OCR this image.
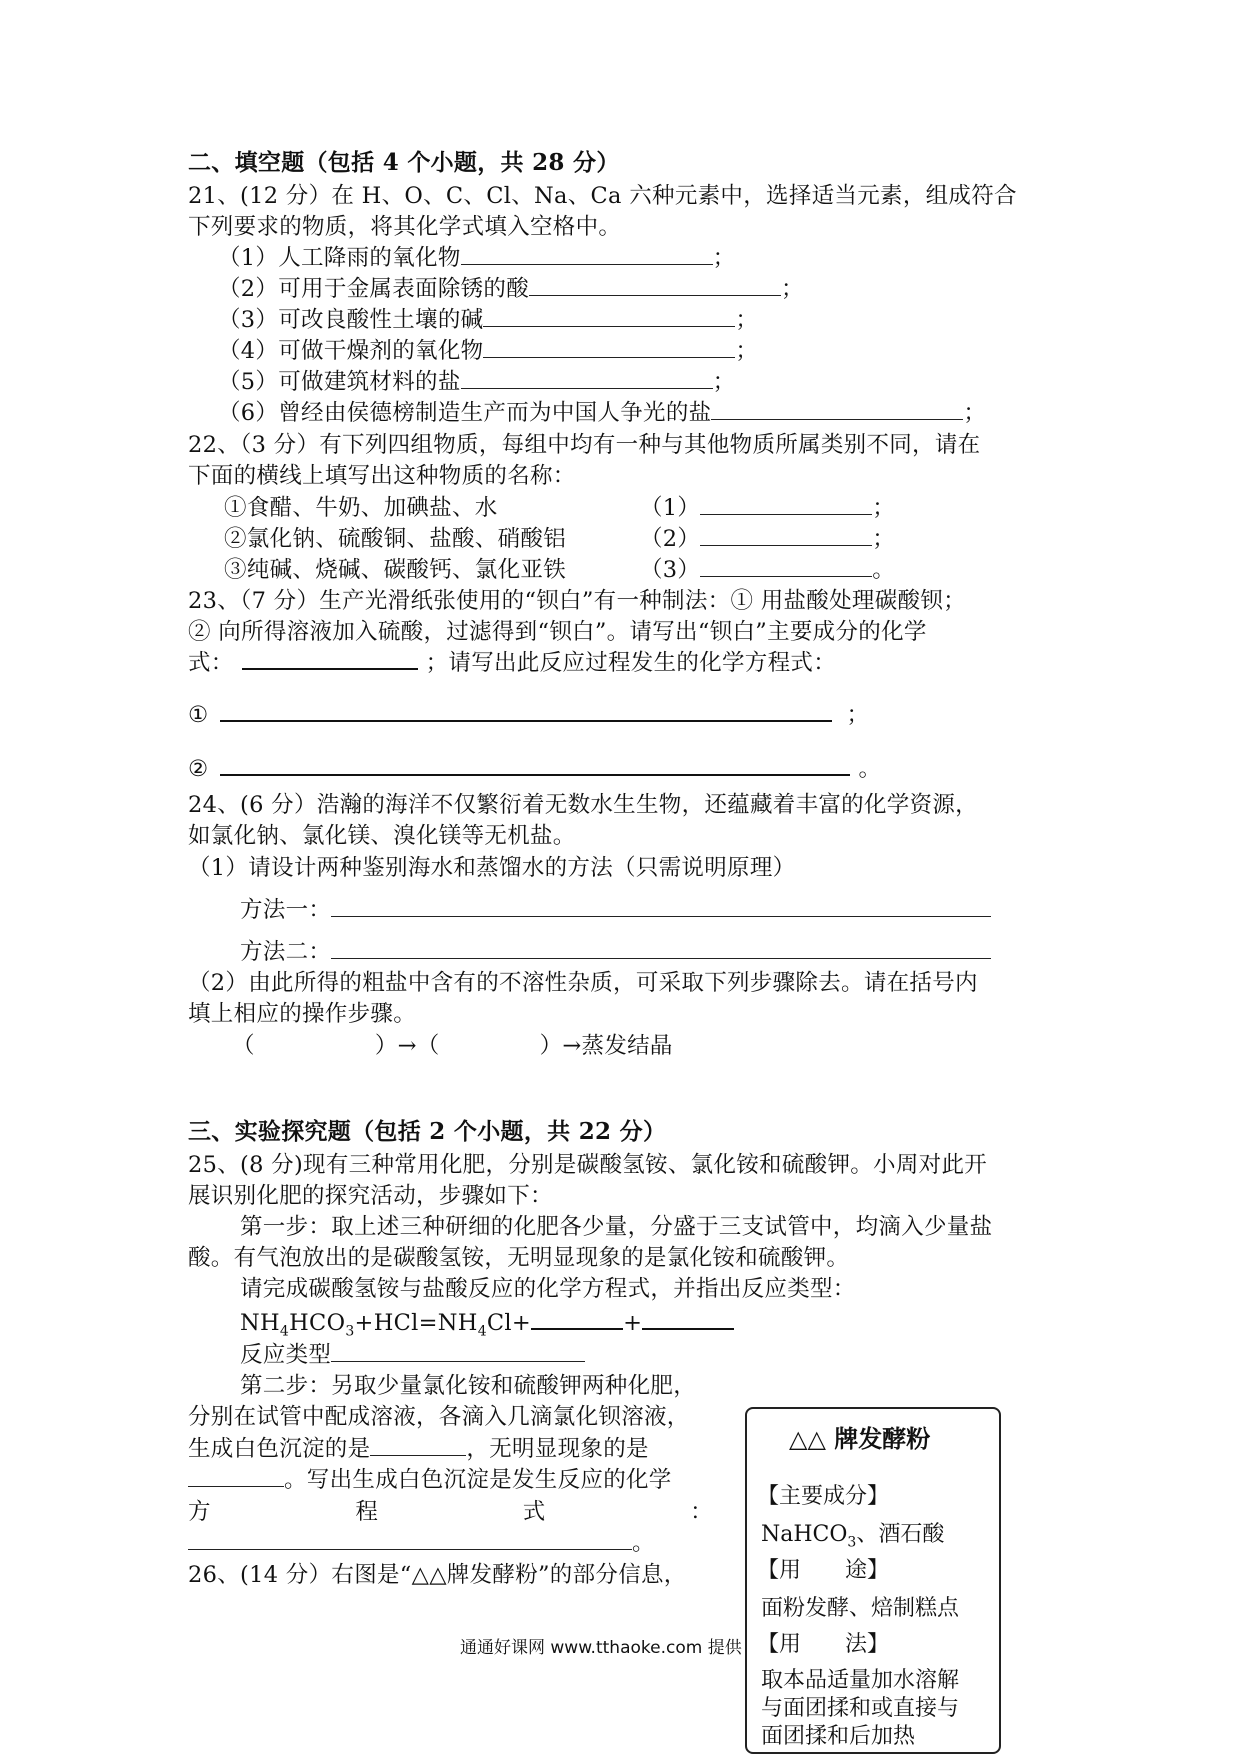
二、填空题（包括 4 个小题，共 28 分）
21、(12 分）在 H、O、C、Cl、Na、Ca 六种元素中，选择适当元素，组成符合
下列要求的物质，将其化学式填入空格中。
（1）人工降雨的氧化物	；
（2）可用于金属表面除锈的酸	；
（3）可改良酸性土壤的碱	；
（4）可做干燥剂的氧化物	；
（5）可做建筑材料的盐	；
（6）曾经由侯德榜制造生产而为中国人争光的盐	；
22、（3 分）有下列四组物质，每组中均有一种与其他物质所属类别不同，请在
下面的横线上填写出这种物质的名称：
①食醋、牛奶、加碘盐、水	（1）	；
②氯化钠、硫酸铜、盐酸、硝酸铝	（2）	；
③纯碱、烧碱、碳酸钙、氯化亚铁	（3）	。
23、（7 分）生产光滑纸张使用的“钡白”有一种制法：① 用盐酸处理碳酸钡；
② 向所得溶液加入硫酸，过滤得到“钡白”。请写出“钡白”主要成分的化学
式：	；请写出此反应过程发生的化学方程式：
①	；
②	。
24、(6 分）浩瀚的海洋不仅繁衍着无数水生生物，还蕴藏着丰富的化学资源，
如氯化钠、氯化镁、溴化镁等无机盐。
（1）请设计两种鉴别海水和蒸馏水的方法（只需说明原理）
方法一：
方法二：
（2）由此所得的粗盐中含有的不溶性杂质，可采取下列步骤除去。请在括号内
填上相应的操作步骤。
（	）→（	）→蒸发结晶
三、实验探究题（包括 2 个小题，共 22 分）
25、(8 分)现有三种常用化肥，分别是碳酸氢铵、氯化铵和硫酸钾。小周对此开
展识别化肥的探究活动，步骤如下：
第一步：取上述三种研细的化肥各少量，分盛于三支试管中，均滴入少量盐
酸。有气泡放出的是碳酸氢铵，无明显现象的是氯化铵和硫酸钾。
请完成碳酸氢铵与盐酸反应的化学方程式，并指出反应类型：
$NH_4HCO_3+HCl=NH_4Cl+$	+
反应类型
第二步：另取少量氯化铵和硫酸钾两种化肥，
分别在试管中配成溶液，各滴入几滴氯化钡溶液，
生成白色沉淀的是	，无明显现象的是
。写出生成白色沉淀是发生反应的化学
方	程	式	：
。
26、(14 分）右图是“△△牌发酵粉”的部分信息，
通通好课网 www.tthaoke.com 提供
△△ 牌发酵粉
【主要成分】
NaHCO$_3$、酒石酸
【用　　途】
面粉发酵、焙制糕点
【用　　法】
取本品适量加水溶解
与面团揉和或直接与
面团揉和后加热
